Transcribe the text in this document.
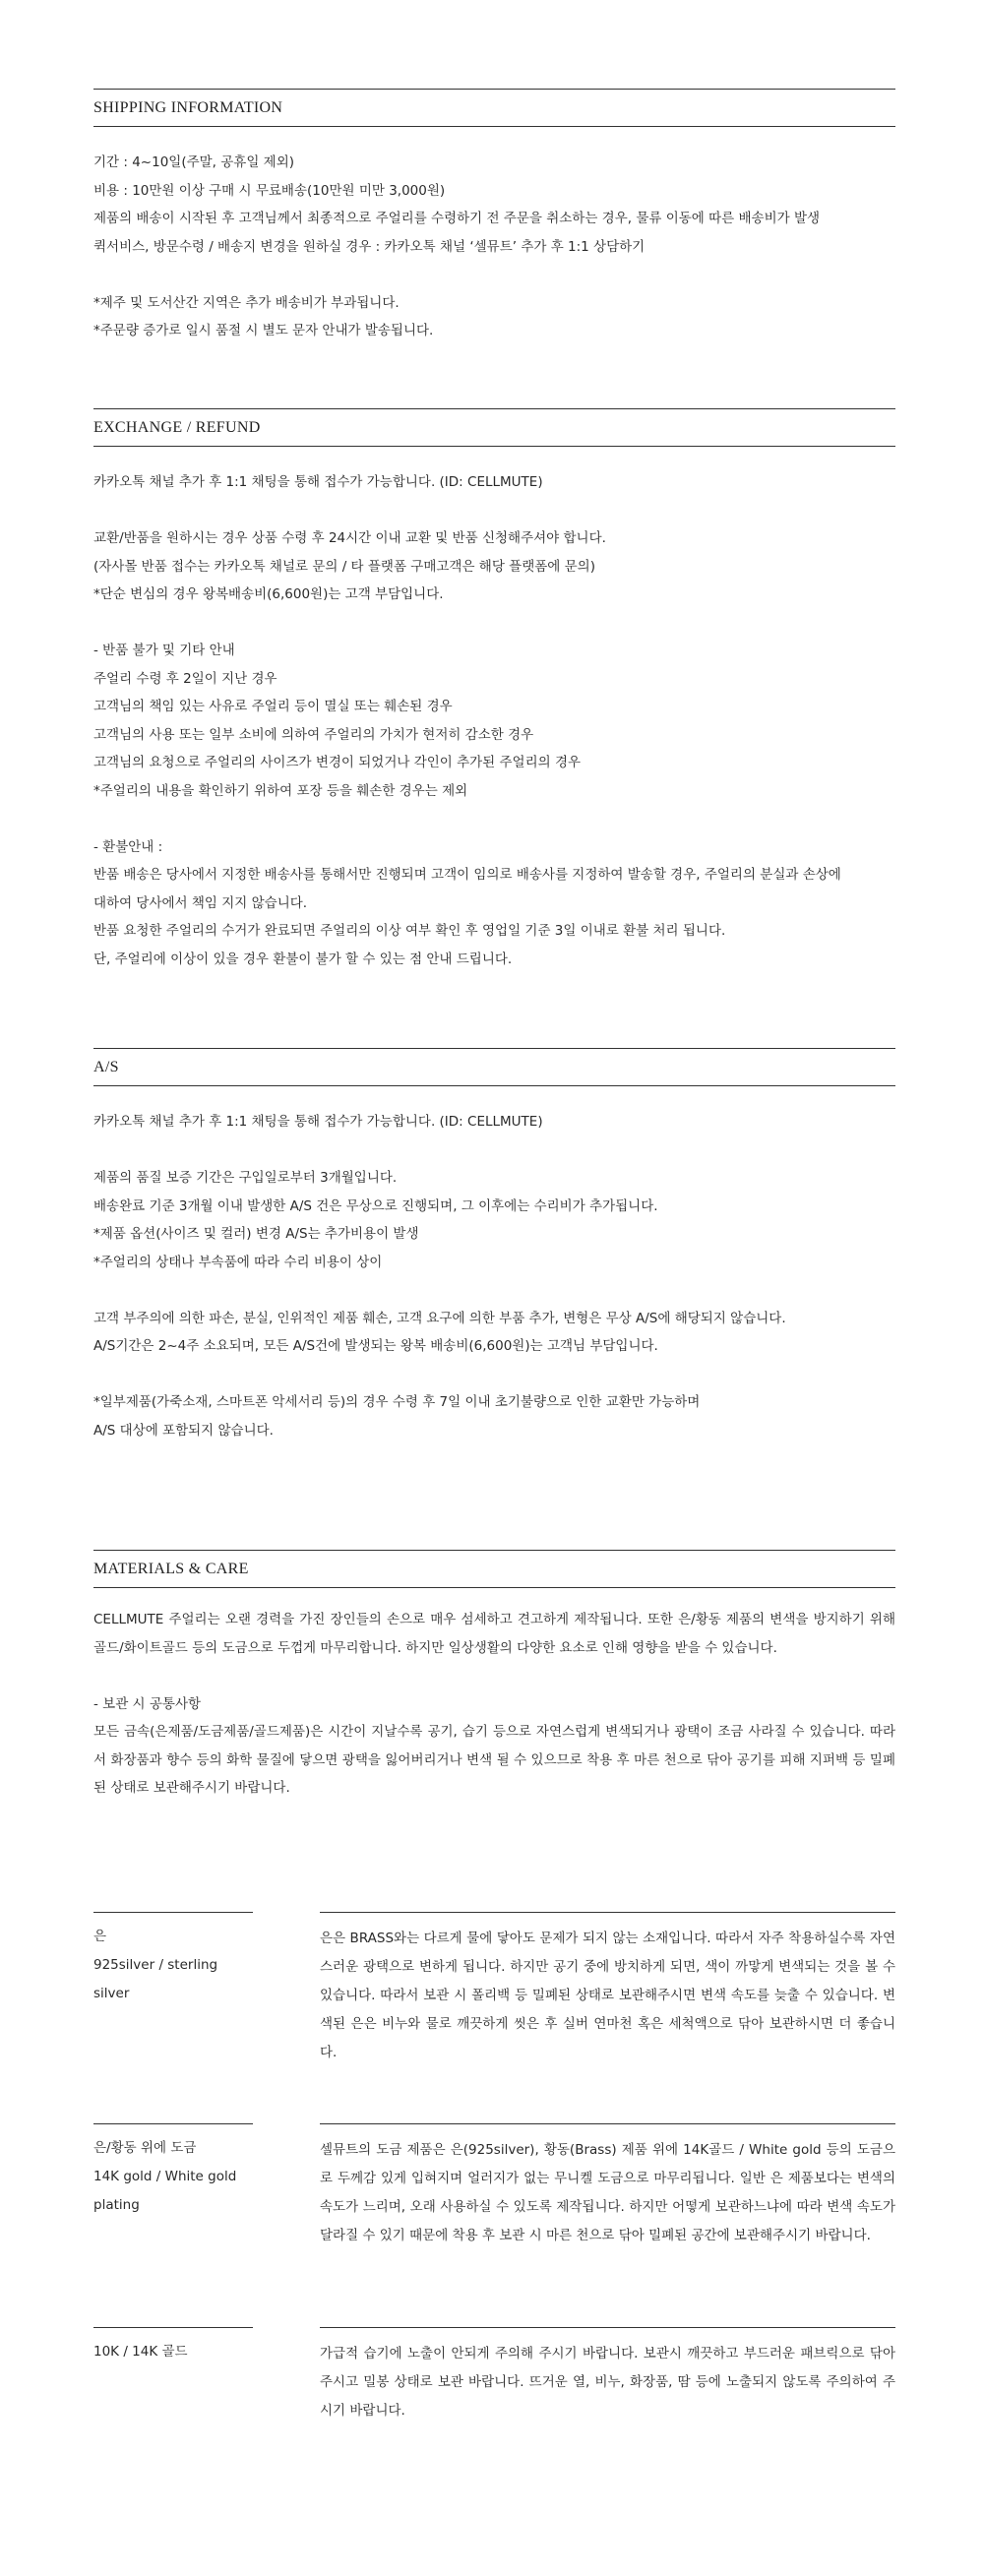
SHIPPING INFORMATION
기간 : 4~10일(주말, 공휴일 제외)
비용 : 10만원 이상 구매 시 무료배송(10만원 미만 3,000원)
제품의 배송이 시작된 후 고객님께서 최종적으로 주얼리를 수령하기 전 주문을 취소하는 경우, 물류 이동에 따른 배송비가 발생
퀵서비스, 방문수령 / 배송지 변경을 원하실 경우 : 카카오톡 채널 ‘셀뮤트’ 추가 후 1:1 상담하기
*제주 및 도서산간 지역은 추가 배송비가 부과됩니다.
*주문량 증가로 일시 품절 시 별도 문자 안내가 발송됩니다.
EXCHANGE / REFUND
카카오톡 채널 추가 후 1:1 채팅을 통해 접수가 가능합니다. (ID: CELLMUTE)
교환/반품을 원하시는 경우 상품 수령 후 24시간 이내 교환 및 반품 신청해주셔야 합니다.
(자사몰 반품 접수는 카카오톡 채널로 문의 / 타 플랫폼 구매고객은 해당 플랫폼에 문의)
*단순 변심의 경우 왕복배송비(6,600원)는 고객 부담입니다.
- 반품 불가 및 기타 안내
주얼리 수령 후 2일이 지난 경우
고객님의 책임 있는 사유로 주얼리 등이 멸실 또는 훼손된 경우
고객님의 사용 또는 일부 소비에 의하여 주얼리의 가치가 현저히 감소한 경우
고객님의 요청으로 주얼리의 사이즈가 변경이 되었거나 각인이 추가된 주얼리의 경우
*주얼리의 내용을 확인하기 위하여 포장 등을 훼손한 경우는 제외
- 환불안내 :
반품 배송은 당사에서 지정한 배송사를 통해서만 진행되며 고객이 임의로 배송사를 지정하여 발송할 경우, 주얼리의 분실과 손상에
대하여 당사에서 책임 지지 않습니다.
반품 요청한 주얼리의 수거가 완료되면 주얼리의 이상 여부 확인 후 영업일 기준 3일 이내로 환불 처리 됩니다.
단, 주얼리에 이상이 있을 경우 환불이 불가 할 수 있는 점 안내 드립니다.
A/S
카카오톡 채널 추가 후 1:1 채팅을 통해 접수가 가능합니다. (ID: CELLMUTE)
제품의 품질 보증 기간은 구입일로부터 3개월입니다.
배송완료 기준 3개월 이내 발생한 A/S 건은 무상으로 진행되며, 그 이후에는 수리비가 추가됩니다.
*제품 옵션(사이즈 및 컬러) 변경 A/S는 추가비용이 발생
*주얼리의 상태나 부속품에 따라 수리 비용이 상이
고객 부주의에 의한 파손, 분실, 인위적인 제품 훼손, 고객 요구에 의한 부품 추가, 변형은 무상 A/S에 해당되지 않습니다.
A/S기간은 2~4주 소요되며, 모든 A/S건에 발생되는 왕복 배송비(6,600원)는 고객님 부담입니다.
*일부제품(가죽소재, 스마트폰 악세서리 등)의 경우 수령 후 7일 이내 초기불량으로 인한 교환만 가능하며
A/S 대상에 포함되지 않습니다.
MATERIALS & CARE
CELLMUTE 주얼리는 오랜 경력을 가진 장인들의 손으로 매우 섬세하고 견고하게 제작됩니다. 또한 은/황동 제품의 변색을 방지하기 위해 골드/화이트골드 등의 도금으로 두껍게 마무리합니다. 하지만 일상생활의 다양한 요소로 인해 영향을 받을 수 있습니다.
- 보관 시 공통사항
모든 금속(은제품/도금제품/골드제품)은 시간이 지날수록 공기, 습기 등으로 자연스럽게 변색되거나 광택이 조금 사라질 수 있습니다. 따라서 화장품과 향수 등의 화학 물질에 닿으면 광택을 잃어버리거나 변색 될 수 있으므로 착용 후 마른 천으로 닦아 공기를 피해 지퍼백 등 밀폐된 상태로 보관해주시기 바랍니다.
은
925silver / sterling silver
은은 BRASS와는 다르게 물에 닿아도 문제가 되지 않는 소재입니다. 따라서 자주 착용하실수록 자연스러운 광택으로 변하게 됩니다. 하지만 공기 중에 방치하게 되면, 색이 까맣게 변색되는 것을 볼 수 있습니다. 따라서 보관 시 폴리백 등 밀폐된 상태로 보관해주시면 변색 속도를 늦출 수 있습니다. 변색된 은은 비누와 물로 깨끗하게 씻은 후 실버 연마천 혹은 세척액으로 닦아 보관하시면 더 좋습니다.
은/황동 위에 도금
14K gold / White gold
plating
셀뮤트의 도금 제품은 은(925silver), 황동(Brass) 제품 위에 14K골드 / White gold 등의 도금으로 두께감 있게 입혀지며 얼러지가 없는 무니켈 도금으로 마무리됩니다. 일반 은 제품보다는 변색의 속도가 느리며, 오래 사용하실 수 있도록 제작됩니다. 하지만 어떻게 보관하느냐에 따라 변색 속도가 달라질 수 있기 때문에 착용 후 보관 시 마른 천으로 닦아 밀폐된 공간에 보관해주시기 바랍니다.
10K / 14K 골드	가급적 습기에 노출이 안되게 주의해 주시기 바랍니다. 보관시 깨끗하고 부드러운 패브릭으로 닦아주시고 밀봉 상태로 보관 바랍니다. 뜨거운 열, 비누, 화장품, 땀 등에 노출되지 않도록 주의하여 주시기 바랍니다.
